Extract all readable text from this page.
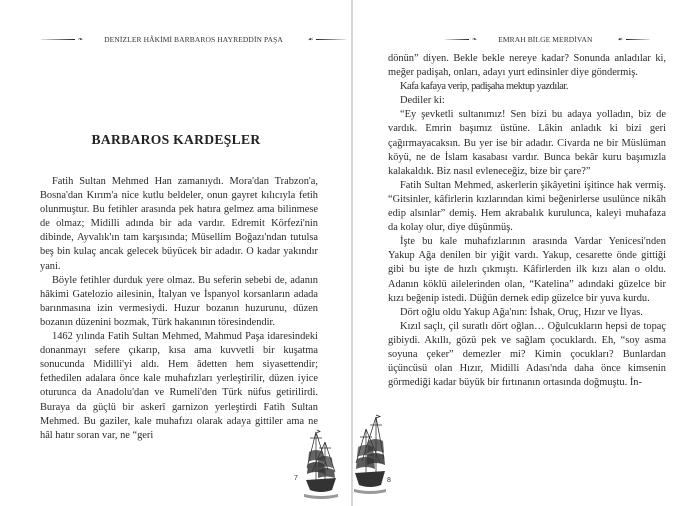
❧	DENİZLER HÂKİMİ BARBAROS HAYREDDİN PAŞA	☙
BARBAROS KARDEŞLER

Fatih Sultan Mehmed Han zamanıydı. Mora'dan Trabzon'a, Bosna'dan Kırım'a nice kutlu beldeler, onun gayret kılıcıyla fetih olunmuştur. Bu fetihler arasında pek hatıra gelmez ama bilinmese de olmaz; Midilli adında bir ada vardır. Edremit Körfezi'nin dibinde, Ayvalık'ın tam karşısında; Müsellim Boğazı'ndan tutulsa beş bin kulaç ancak gelecek büyücek bir adadır. O kadar yakındır yani.

Böyle fetihler durduk yere olmaz. Bu seferin sebebi de, adanın hâkimi Gatelozio ailesinin, İtalyan ve İspanyol korsanların adada barınmasına izin vermesiydi. Huzur bozanın huzurunu, düzen bozanın düzenini bozmak, Türk hakanının töresindendir.

1462 yılında Fatih Sultan Mehmed, Mahmud Paşa idaresindeki donanmayı sefere çıkarıp, kısa ama kuvvetli bir kuşatma sonucunda Midilli'yi aldı. Hem âdetten hem siyasettendir; fethedilen adalara önce kale muhafızları yerleştirilir, düzen iyice oturunca da Anadolu'dan ve Rumeli'den Türk nüfus getirilirdi. Buraya da güçlü bir askerî garnizon yerleştirdi Fatih Sultan Mehmed. Bu gaziler, kale muhafızı olarak adaya gittiler ama ne hâl hatır soran var, ne “geri

7
❧	EMRAH BİLGE MERDİVAN	☙

dönün” diyen. Bekle bekle nereye kadar? Sonunda anladılar ki, meğer padişah, onları, adayı yurt edinsinler diye göndermiş.

Kafa kafaya verip, padişaha mektup yazdılar.

Dediler ki:

“Ey şevketli sultanımız! Sen bizi bu adaya yolladın, biz de vardık. Emrin başımız üstüne. Lâkin anladık ki bizi geri çağırmayacaksın. Bu yer ise bir adadır. Civarda ne bir Müslüman köyü, ne de İslam kasabası vardır. Bunca bekâr kuru başımızla kalakaldık. Biz nasıl evleneceğiz, bize bir çare?”

Fatih Sultan Mehmed, askerlerin şikâyetini işitince hak vermiş. “Gitsinler, kâfirlerin kızlarından kimi beğenirlerse usulünce nikâh edip alsınlar” demiş. Hem akrabalık kurulunca, kaleyi muhafaza da kolay olur, diye düşünmüş.

İşte bu kale muhafızlarının arasında Vardar Yenicesi'nden Yakup Ağa denilen bir yiğit vardı. Yakup, cesarette önde gittiği gibi bu işte de hızlı çıkmıştı. Kâfirlerden ilk kızı alan o oldu. Adanın köklü ailelerinden olan, “Katelina” adındaki güzelce bir kızı beğenip istedi. Düğün dernek edip güzelce bir yuva kurdu.

Dört oğlu oldu Yakup Ağa'nın: İshak, Oruç, Hızır ve İlyas.

Kızıl saçlı, çil suratlı dört oğlan… Oğulcukların hepsi de topaç gibiydi. Akıllı, gözü pek ve sağlam çocuklardı. Eh, “soy asma soyuna çeker” demezler mi? Kimin çocukları? Bunlardan üçüncüsü olan Hızır, Midilli Adası'nda daha önce kimsenin görmediği kadar büyük bir fırtınanın ortasında doğmuştu. İn-

8
